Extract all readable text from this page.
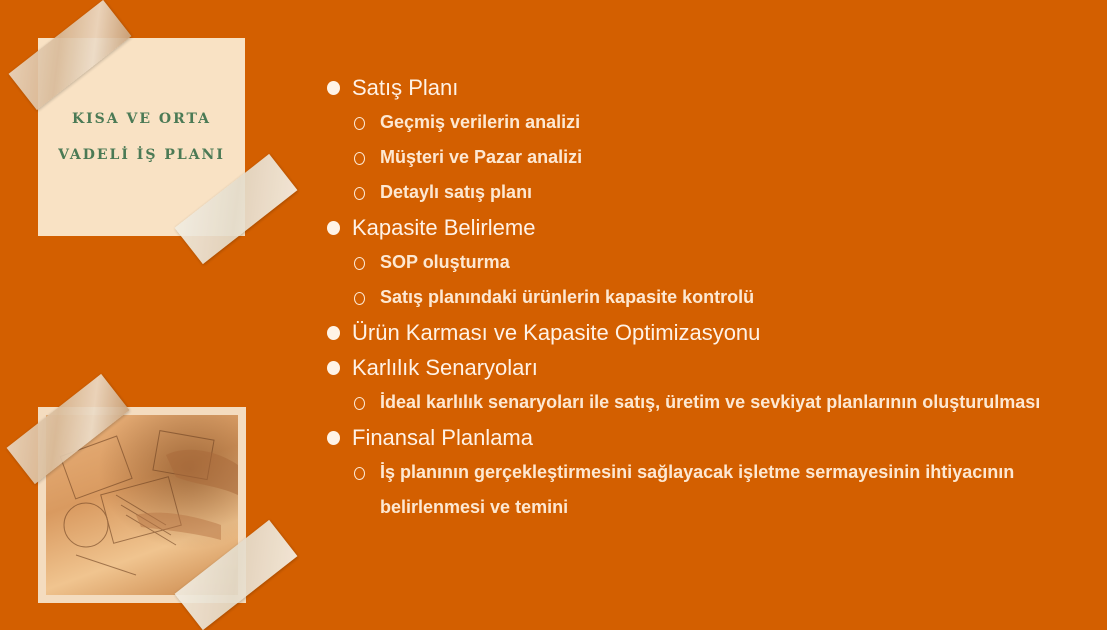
KISA VE ORTA
VADELİ İŞ PLANI
Satış Planı
Geçmiş verilerin analizi
Müşteri ve Pazar analizi
Detaylı satış planı
Kapasite Belirleme
SOP oluşturma
Satış planındaki ürünlerin kapasite kontrolü
Ürün Karması ve Kapasite Optimizasyonu
Karlılık Senaryoları
İdeal karlılık senaryoları ile satış, üretim ve sevkiyat planlarının oluşturulması
Finansal Planlama
İş planının gerçekleştirmesini sağlayacak işletme sermayesinin ihtiyacının belirlenmesi ve temini
